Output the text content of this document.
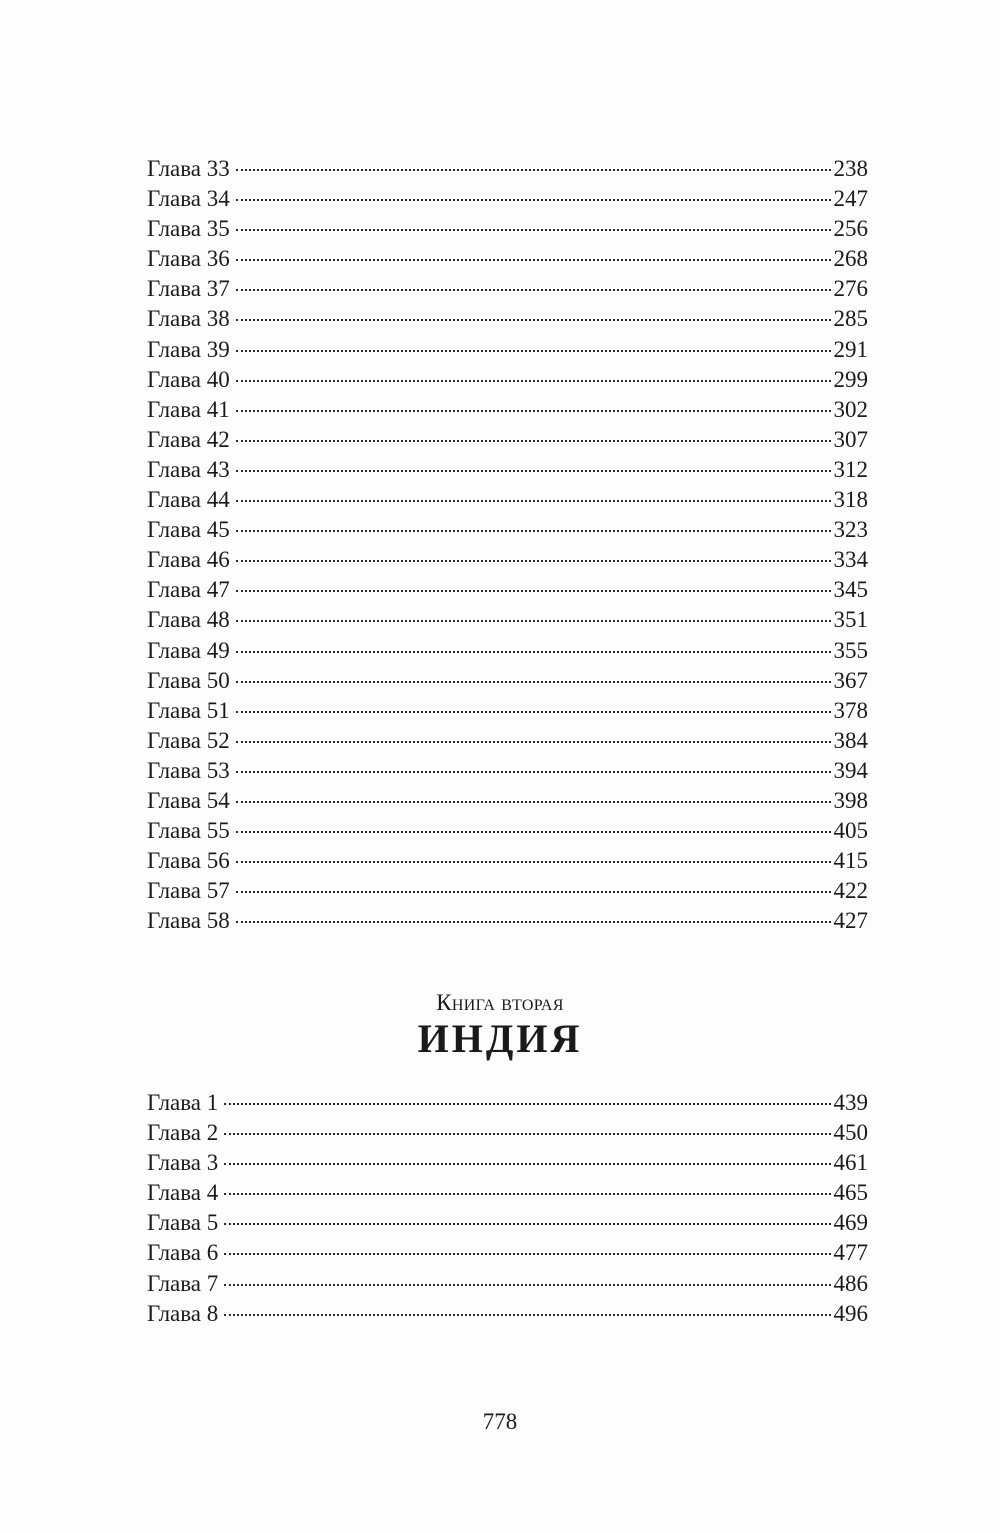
Глава 33	238
Глава 34	247
Глава 35	256
Глава 36	268
Глава 37	276
Глава 38	285
Глава 39	291
Глава 40	299
Глава 41	302
Глава 42	307
Глава 43	312
Глава 44	318
Глава 45	323
Глава 46	334
Глава 47	345
Глава 48	351
Глава 49	355
Глава 50	367
Глава 51	378
Глава 52	384
Глава 53	394
Глава 54	398
Глава 55	405
Глава 56	415
Глава 57	422
Глава 58	427
Книга вторая
ИНДИЯ
Глава 1	439
Глава 2	450
Глава 3	461
Глава 4	465
Глава 5	469
Глава 6	477
Глава 7	486
Глава 8	496
778
